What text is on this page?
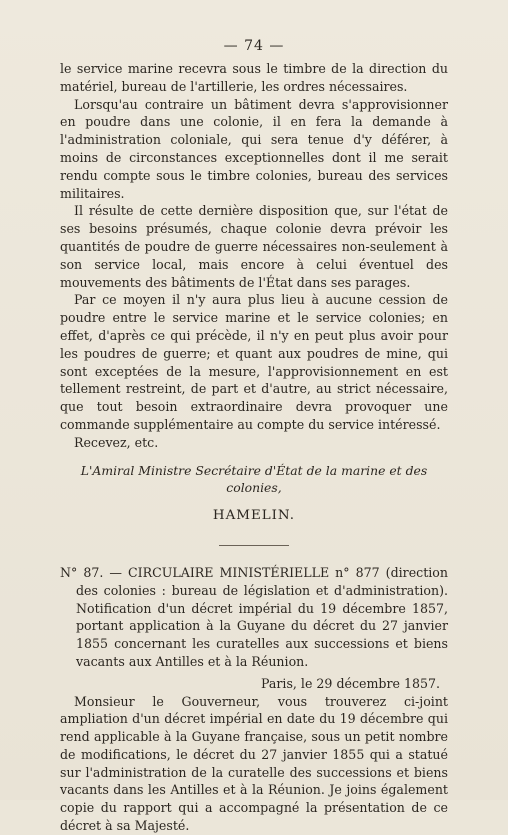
— 74 —

le service marine recevra sous le timbre de la direction du matériel, bureau de l'artillerie, les ordres nécessaires.

Lorsqu'au contraire un bâtiment devra s'approvisionner en poudre dans une colonie, il en fera la demande à l'administration coloniale, qui sera tenue d'y déférer, à moins de circonstances exceptionnelles dont il me serait rendu compte sous le timbre colonies, bureau des services militaires.

Il résulte de cette dernière disposition que, sur l'état de ses besoins présumés, chaque colonie devra prévoir les quantités de poudre de guerre nécessaires non-seulement à son service local, mais encore à celui éventuel des mouvements des bâtiments de l'État dans ses parages.

Par ce moyen il n'y aura plus lieu à aucune cession de poudre entre le service marine et le service colonies; en effet, d'après ce qui précède, il n'y en peut plus avoir pour les poudres de guerre; et quant aux poudres de mine, qui sont exceptées de la mesure, l'approvisionnement en est tellement restreint, de part et d'autre, au strict nécessaire, que tout besoin extraordinaire devra provoquer une commande supplémentaire au compte du service intéressé.

Recevez, etc.

L'Amiral Ministre Secrétaire d'État de la marine et des colonies,
HAMELIN.

N° 87. — CIRCULAIRE MINISTÉRIELLE n° 877 (direction des colonies : bureau de législation et d'administration). Notification d'un décret impérial du 19 décembre 1857, portant application à la Guyane du décret du 27 janvier 1855 concernant les curatelles aux successions et biens vacants aux Antilles et à la Réunion.

Paris, le 29 décembre 1857.

Monsieur le Gouverneur, vous trouverez ci-joint ampliation d'un décret impérial en date du 19 décembre qui rend applicable à la Guyane française, sous un petit nombre de modifications, le décret du 27 janvier 1855 qui a statué sur l'administration de la curatelle des successions et biens vacants dans les Antilles et à la Réunion. Je joins également copie du rapport qui a accompagné la présentation de ce décret à sa Majesté.
